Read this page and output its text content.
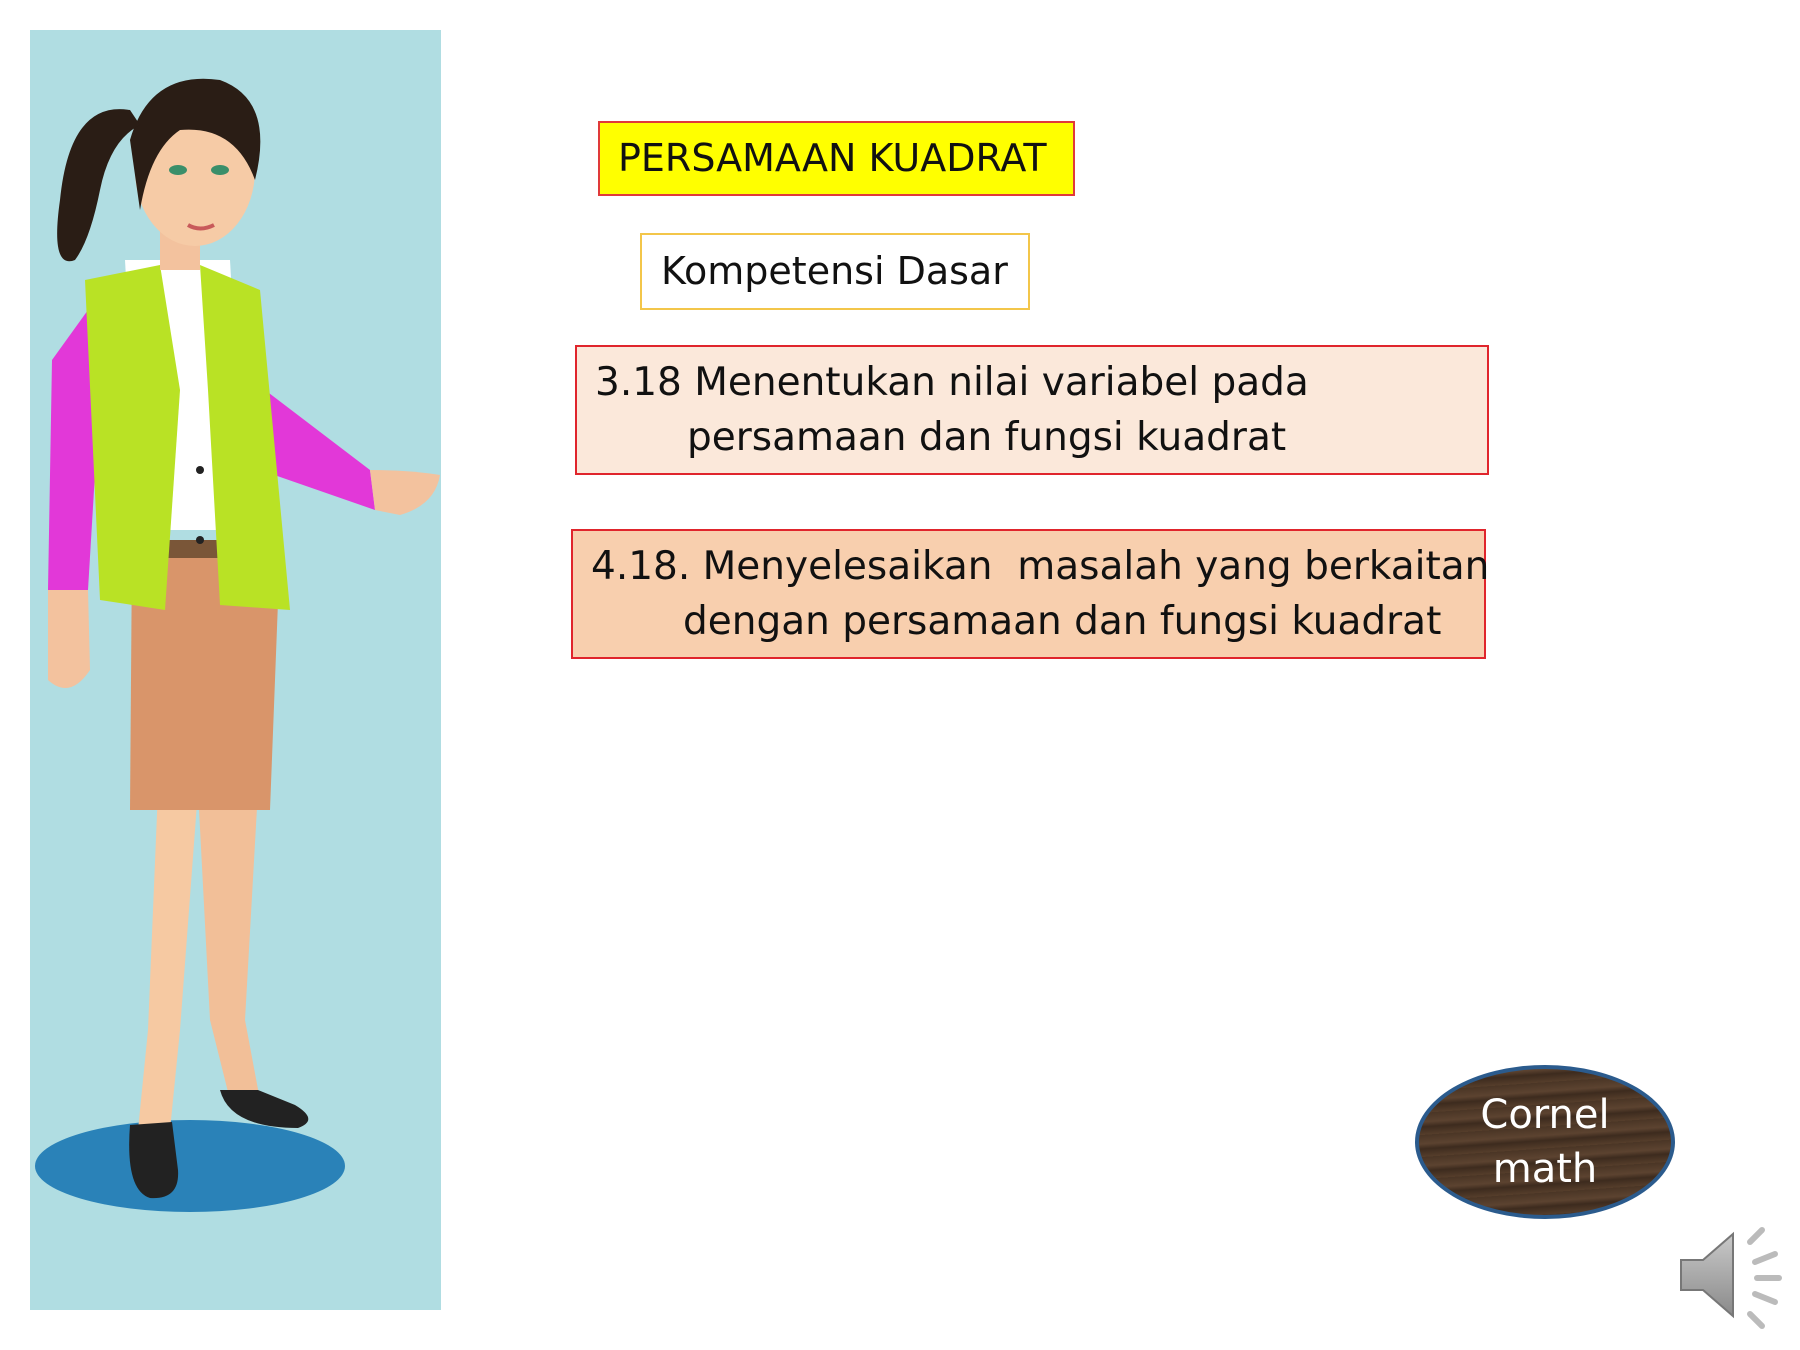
PERSAMAAN KUADRAT
Kompetensi Dasar
3.18 Menentukan nilai variabel pada
persamaan dan fungsi kuadrat
4.18. Menyelesaikan  masalah yang berkaitan
dengan persamaan dan fungsi kuadrat
Cornel
math
